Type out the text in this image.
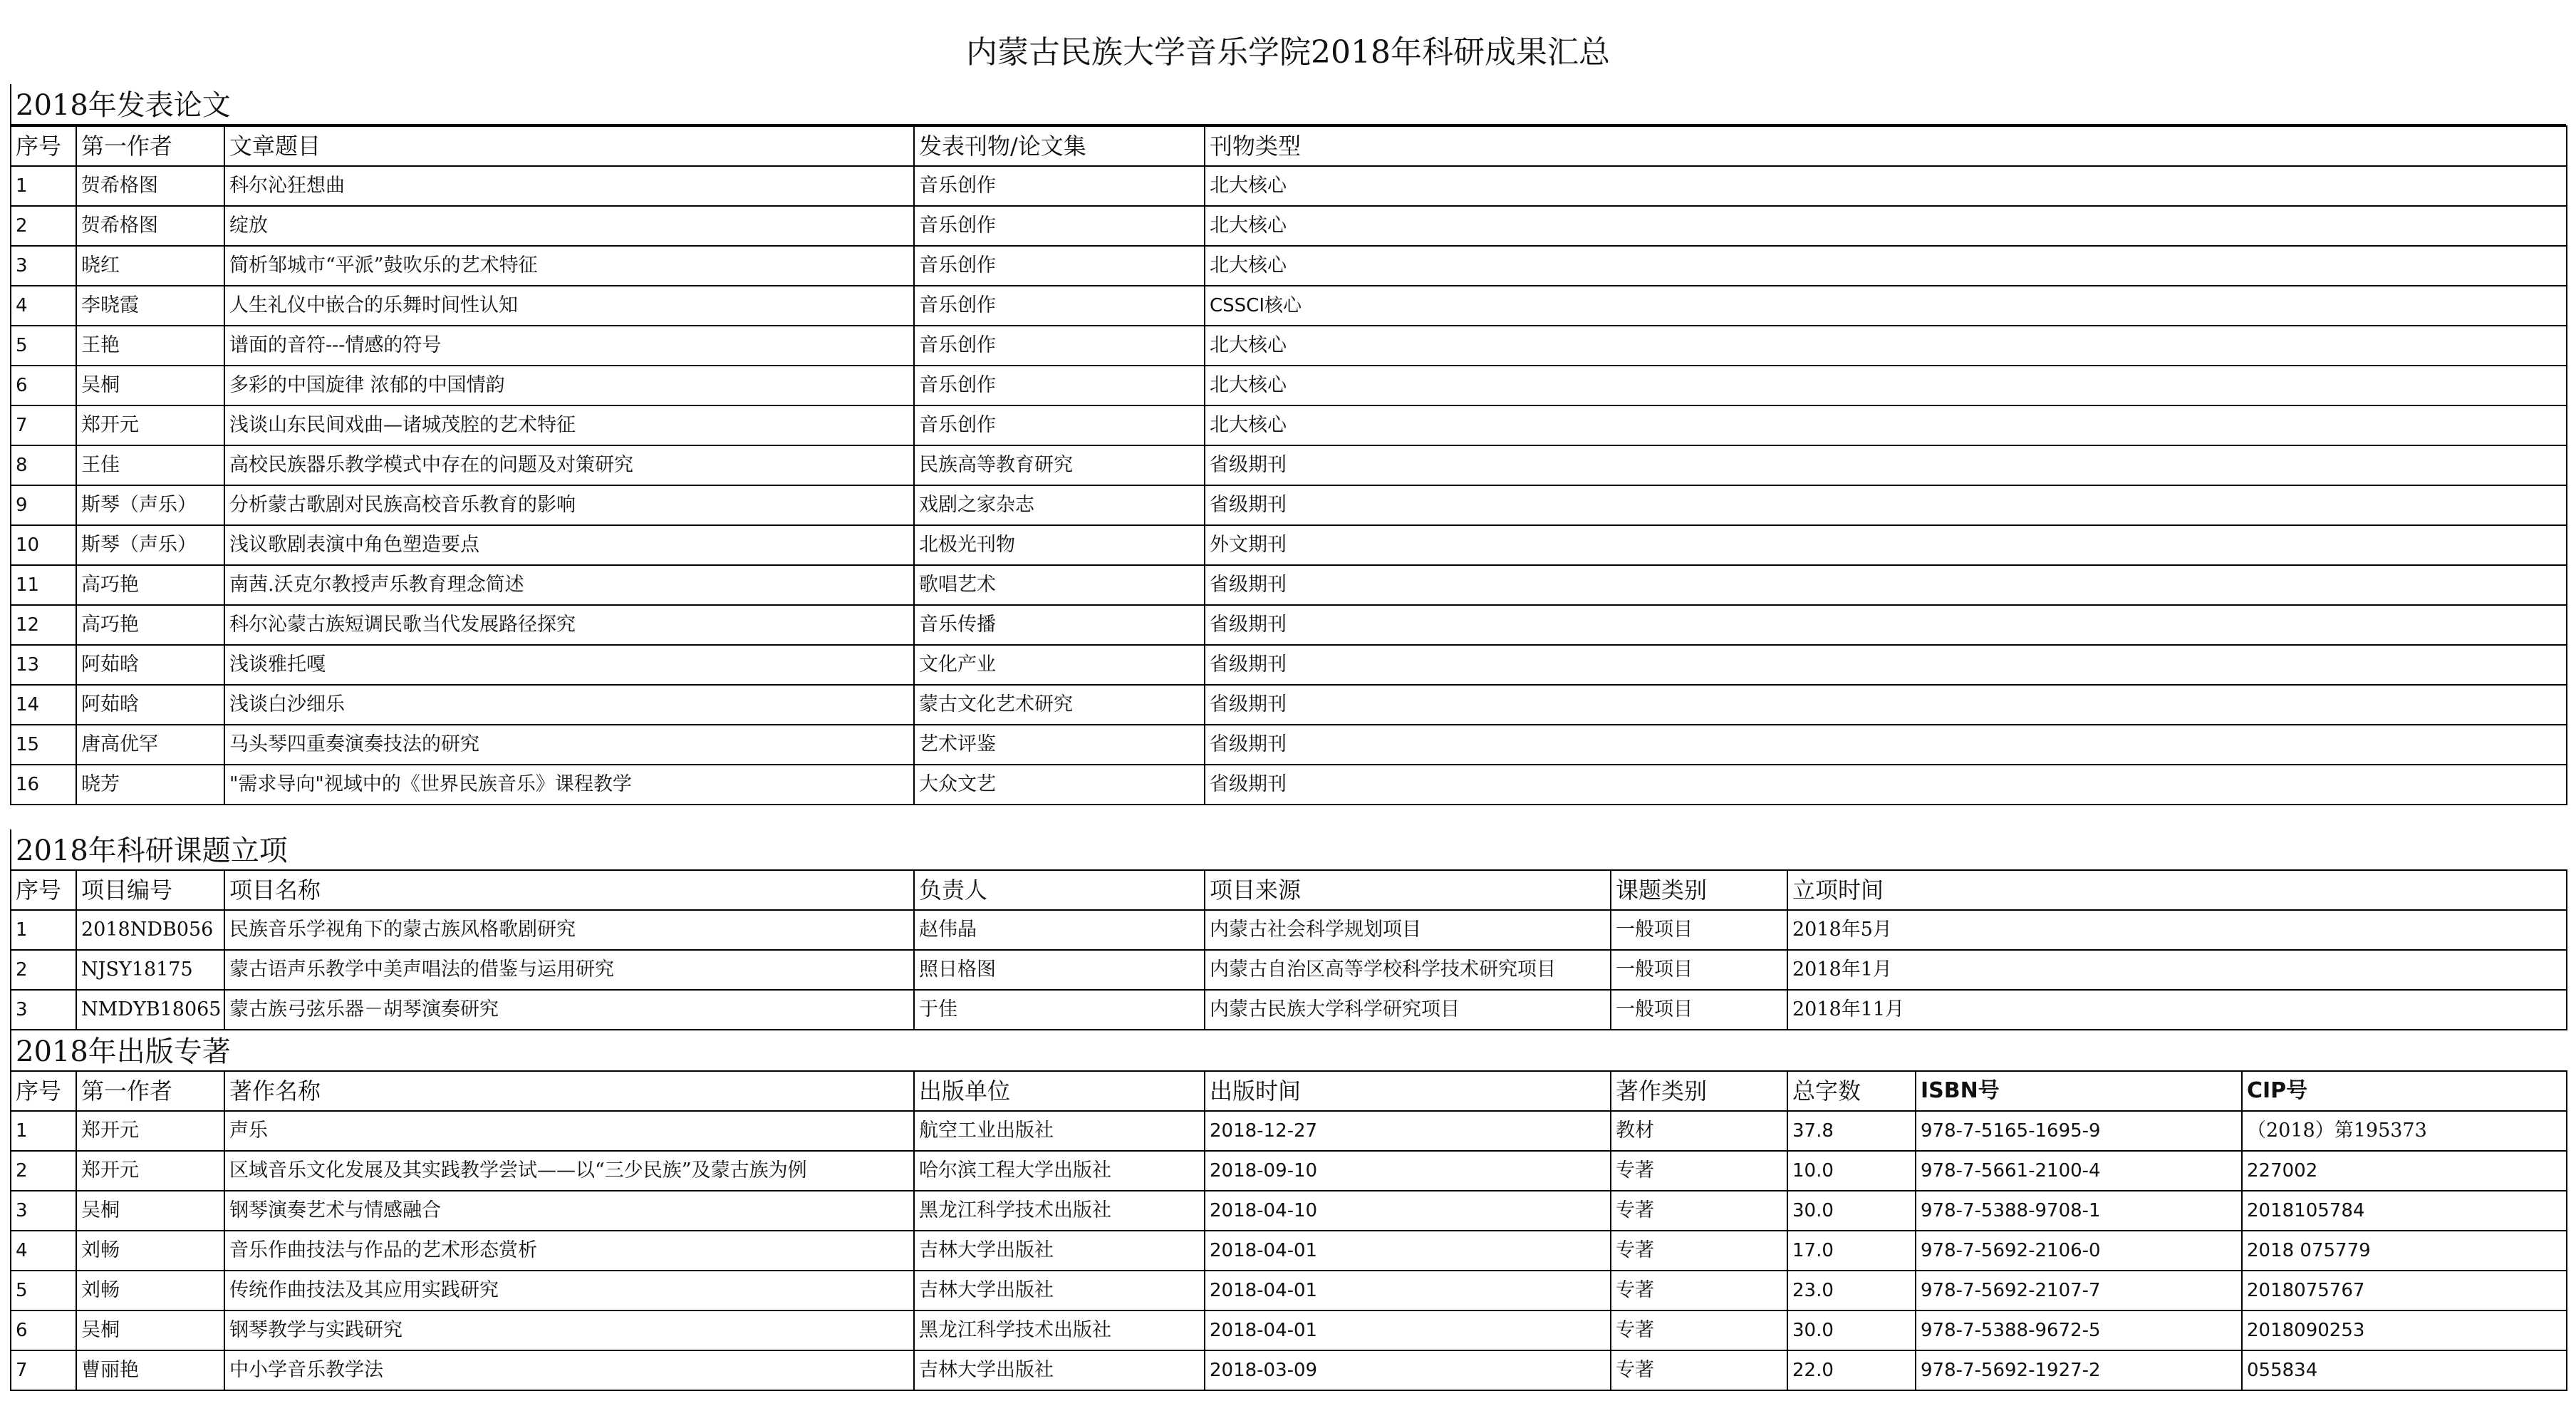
内蒙古民族大学音乐学院2018年科研成果汇总
2018年发表论文
序号	第一作者	文章题目	发表刊物/论文集	刊物类型
1	贺希格图	科尔沁狂想曲	音乐创作	北大核心
2	贺希格图	绽放	音乐创作	北大核心
3	晓红	简析邹城市“平派”鼓吹乐的艺术特征	音乐创作	北大核心
4	李晓霞	人生礼仪中嵌合的乐舞时间性认知	音乐创作	CSSCI核心
5	王艳	谱面的音符---情感的符号	音乐创作	北大核心
6	吴桐	多彩的中国旋律 浓郁的中国情韵	音乐创作	北大核心
7	郑开元	浅谈山东民间戏曲—诸城茂腔的艺术特征	音乐创作	北大核心
8	王佳	高校民族器乐教学模式中存在的问题及对策研究	民族高等教育研究	省级期刊
9	斯琴（声乐）	分析蒙古歌剧对民族高校音乐教育的影响	戏剧之家杂志	省级期刊
10	斯琴（声乐）	浅议歌剧表演中角色塑造要点	北极光刊物	外文期刊
11	高巧艳	南茜.沃克尔教授声乐教育理念简述	歌唱艺术	省级期刊
12	高巧艳	科尔沁蒙古族短调民歌当代发展路径探究	音乐传播	省级期刊
13	阿茹晗	浅谈雅托嘎	文化产业	省级期刊
14	阿茹晗	浅谈白沙细乐	蒙古文化艺术研究	省级期刊
15	唐高优罕	马头琴四重奏演奏技法的研究	艺术评鉴	省级期刊
16	晓芳	"需求导向"视域中的《世界民族音乐》课程教学	大众文艺	省级期刊
2018年科研课题立项
序号	项目编号	项目名称	负责人	项目来源	课题类别	立项时间
1	2018NDB056	民族音乐学视角下的蒙古族风格歌剧研究	赵伟晶	内蒙古社会科学规划项目	一般项目	2018年5月
2	NJSY18175	蒙古语声乐教学中美声唱法的借鉴与运用研究	照日格图	内蒙古自治区高等学校科学技术研究项目	一般项目	2018年1月
3	NMDYB18065	蒙古族弓弦乐器－胡琴演奏研究	于佳	内蒙古民族大学科学研究项目	一般项目	2018年11月
2018年出版专著
序号	第一作者	著作名称	出版单位	出版时间	著作类别	总字数	ISBN号	CIP号
1	郑开元	声乐	航空工业出版社	2018-12-27	教材	37.8	978-7-5165-1695-9	（2018）第195373
2	郑开元	区域音乐文化发展及其实践教学尝试——以“三少民族”及蒙古族为例	哈尔滨工程大学出版社	2018-09-10	专著	10.0	978-7-5661-2100-4	227002
3	吴桐	钢琴演奏艺术与情感融合	黑龙江科学技术出版社	2018-04-10	专著	30.0	978-7-5388-9708-1	2018105784
4	刘畅	音乐作曲技法与作品的艺术形态赏析	吉林大学出版社	2018-04-01	专著	17.0	978-7-5692-2106-0	2018 075779
5	刘畅	传统作曲技法及其应用实践研究	吉林大学出版社	2018-04-01	专著	23.0	978-7-5692-2107-7	2018075767
6	吴桐	钢琴教学与实践研究	黑龙江科学技术出版社	2018-04-01	专著	30.0	978-7-5388-9672-5	2018090253
7	曹丽艳	中小学音乐教学法	吉林大学出版社	2018-03-09	专著	22.0	978-7-5692-1927-2	055834
